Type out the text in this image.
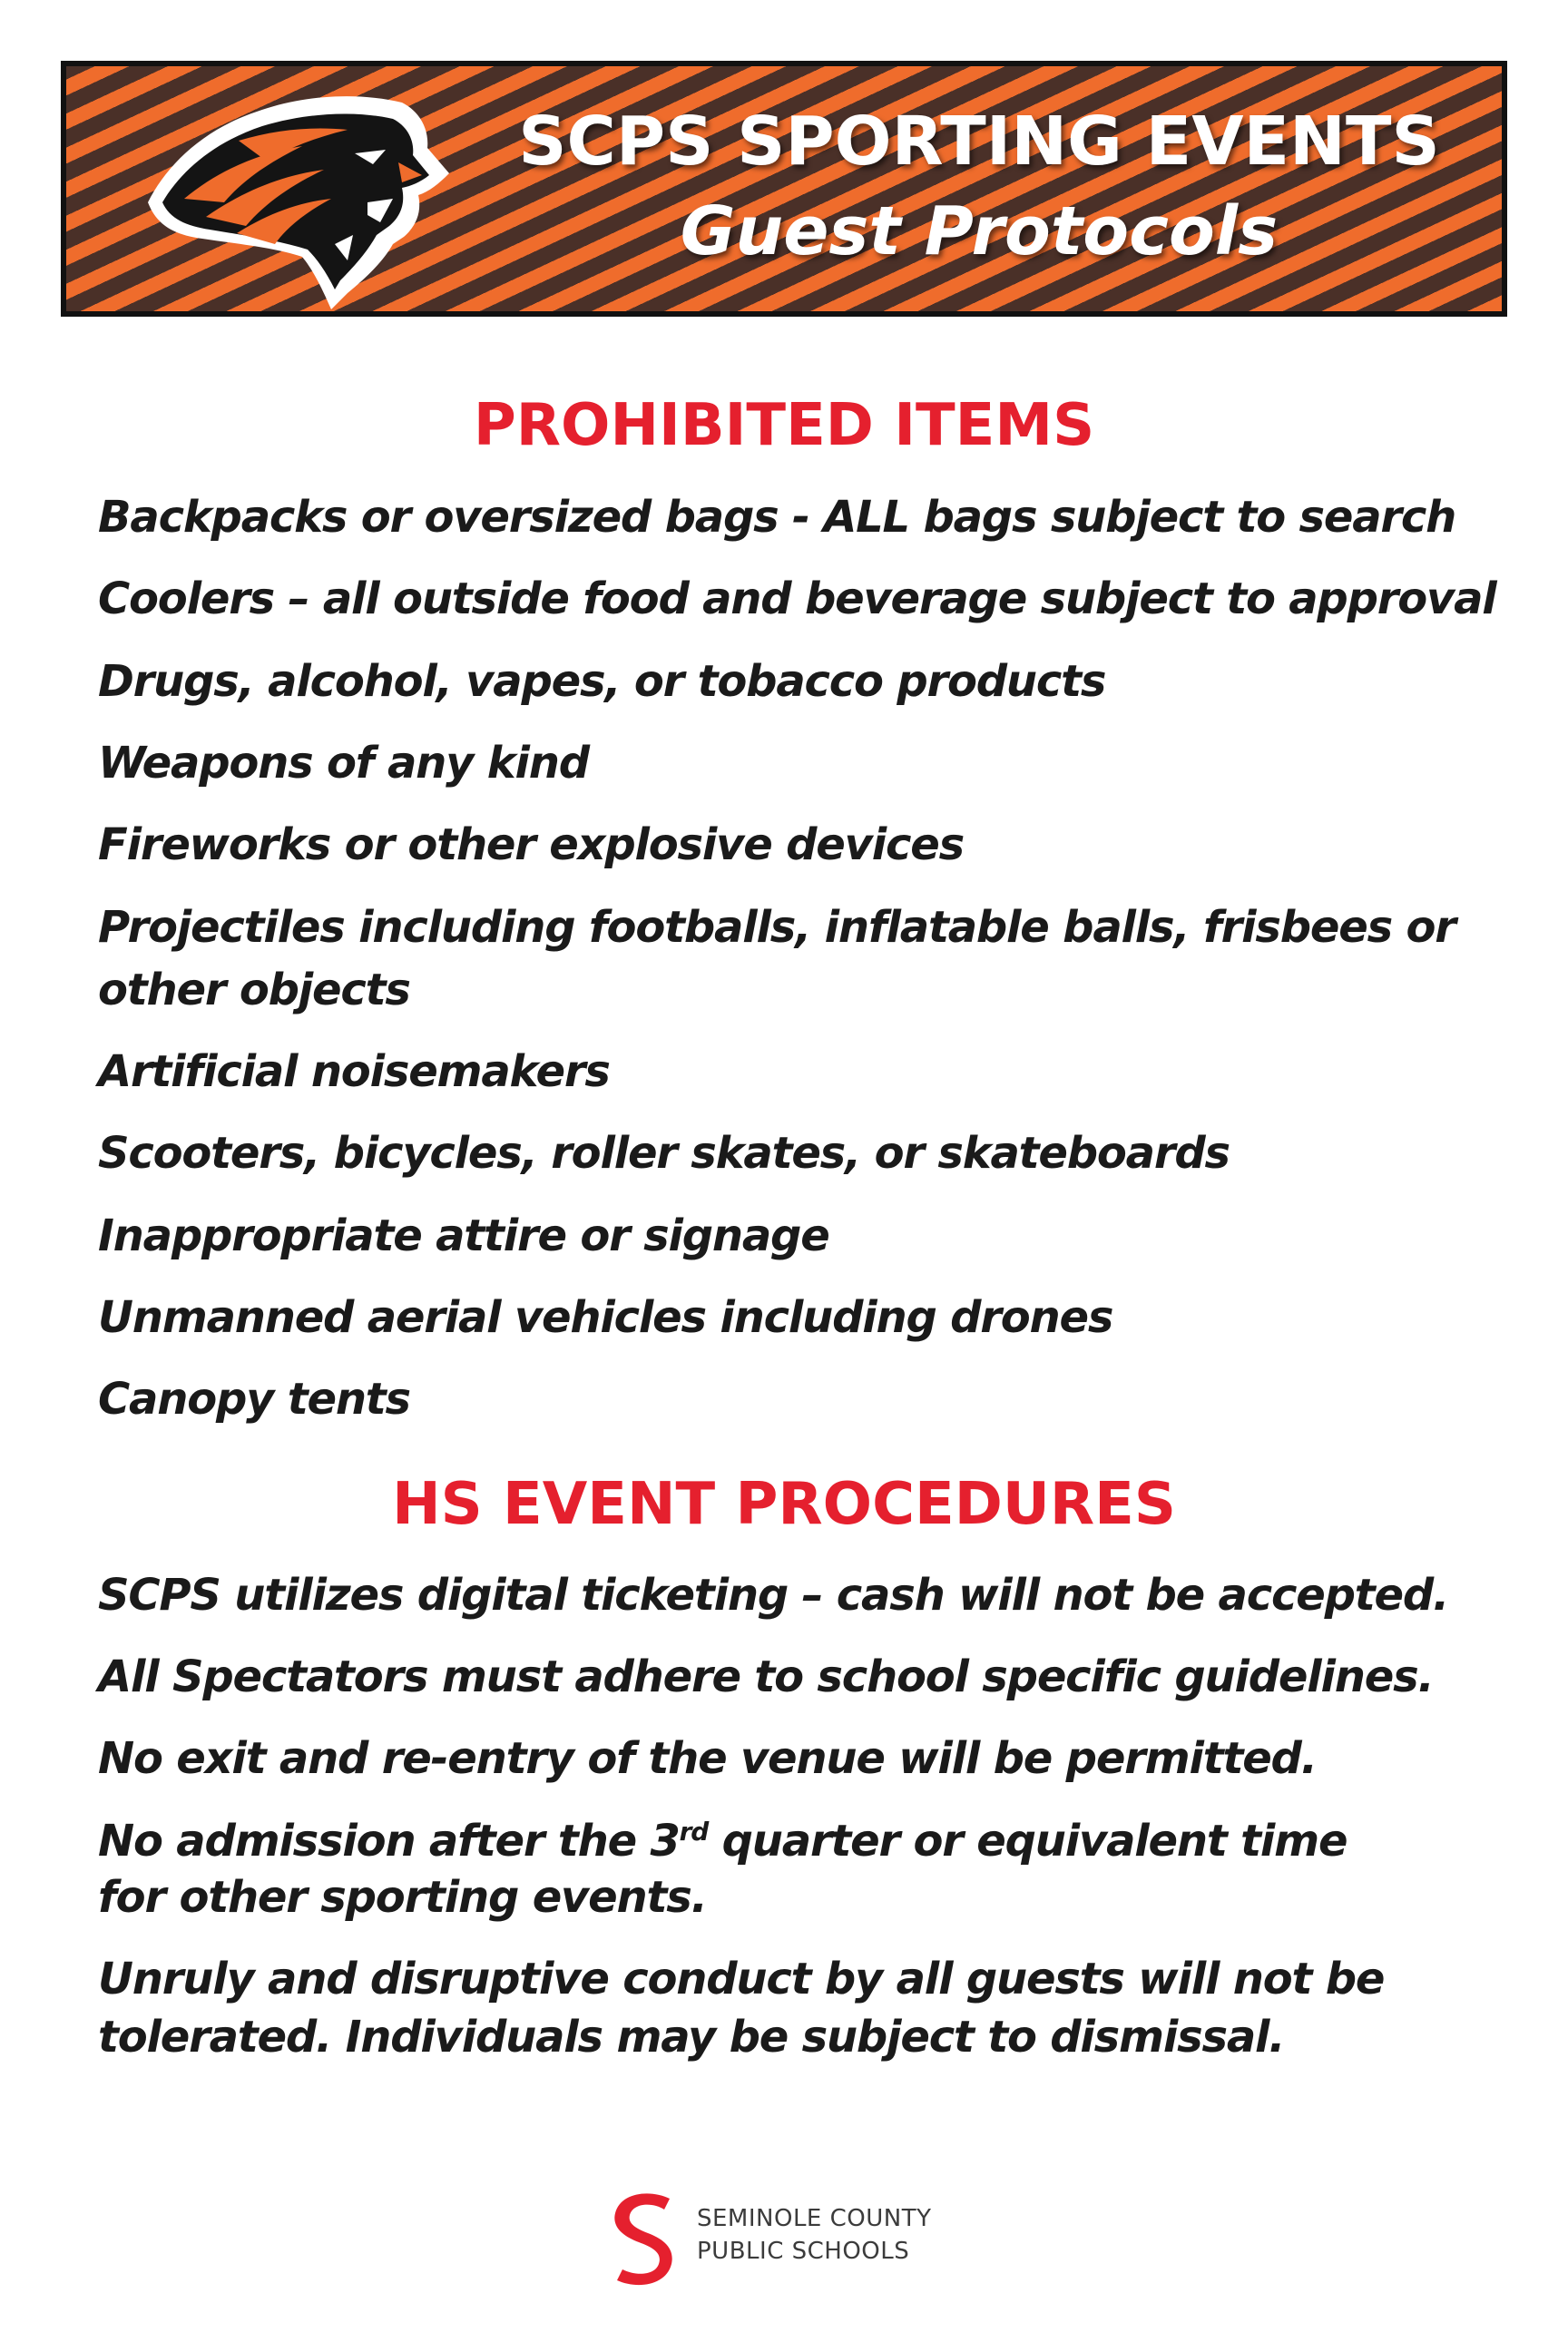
SCPS SPORTING EVENTS
Guest Protocols
PROHIBITED ITEMS
Backpacks or oversized bags - ALL bags subject to search
Coolers – all outside food and beverage subject to approval
Drugs, alcohol, vapes, or tobacco products
Weapons of any kind
Fireworks or other explosive devices
Projectiles including footballs, inflatable balls, frisbees or
other objects
Artificial noisemakers
Scooters, bicycles, roller skates, or skateboards
Inappropriate attire or signage
Unmanned aerial vehicles including drones
Canopy tents
HS EVENT PROCEDURES
SCPS utilizes digital ticketing – cash will not be accepted.
All Spectators must adhere to school specific guidelines.
No exit and re-entry of the venue will be permitted.
No admission after the 3rd quarter or equivalent time
for other sporting events.
Unruly and disruptive conduct by all guests will not be
tolerated. Individuals may be subject to dismissal.
SEMINOLE COUNTY
PUBLIC SCHOOLS
